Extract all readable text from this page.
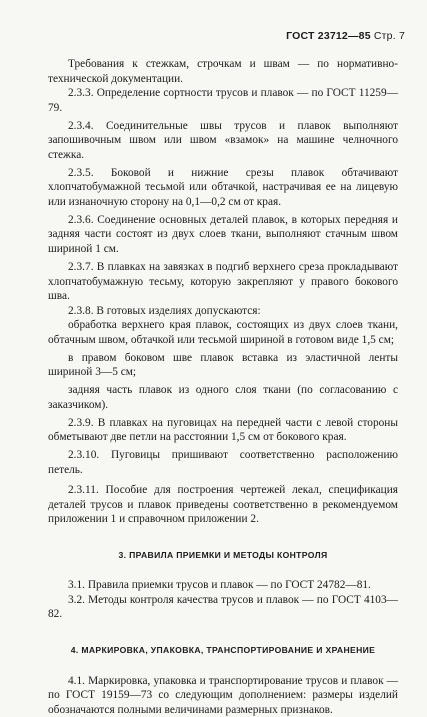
ГОСТ 23712—85 Стр. 7

Требования к стежкам, строчкам и швам — по нормативно-технической документации.

2.3.3. Определение сортности трусов и плавок — по ГОСТ 11259—79.

2.3.4. Соединительные швы трусов и плавок выполняют запошивочным швом или швом «взамок» на машине челночного стежка.

2.3.5. Боковой и нижние срезы плавок обтачивают хлопчатобумажной тесьмой или обтачкой, настрачивая ее на лицевую или изнаночную сторону на 0,1—0,2 см от края.

2.3.6. Соединение основных деталей плавок, в которых передняя и задняя части состоят из двух слоев ткани, выполняют стачным швом шириной 1 см.

2.3.7. В плавках на завязках в подгиб верхнего среза прокладывают хлопчатобумажную тесьму, которую закрепляют у правого бокового шва.

2.3.8. В готовых изделиях допускаются:

обработка верхнего края плавок, состоящих из двух слоев ткани, обтачным швом, обтачкой или тесьмой шириной в готовом виде 1,5 см;

в правом боковом шве плавок вставка из эластичной ленты шириной 3—5 см;

задняя часть плавок из одного слоя ткани (по согласованию с заказчиком).

2.3.9. В плавках на пуговицах на передней части с левой стороны обметывают две петли на расстоянии 1,5 см от бокового края.

2.3.10. Пуговицы пришивают соответственно расположению петель.

2.3.11. Пособие для построения чертежей лекал, спецификация деталей трусов и плавок приведены соответственно в рекомендуемом приложении 1 и справочном приложении 2.

3. ПРАВИЛА ПРИЕМКИ И МЕТОДЫ КОНТРОЛЯ

3.1. Правила приемки трусов и плавок — по ГОСТ 24782—81.

3.2. Методы контроля качества трусов и плавок — по ГОСТ 4103—82.

4. МАРКИРОВКА, УПАКОВКА, ТРАНСПОРТИРОВАНИЕ И ХРАНЕНИЕ

4.1. Маркировка, упаковка и транспортирование трусов и плавок — по ГОСТ 19159—73 со следующим дополнением: размеры изделий обозначаются полными величинами размерных признаков.
